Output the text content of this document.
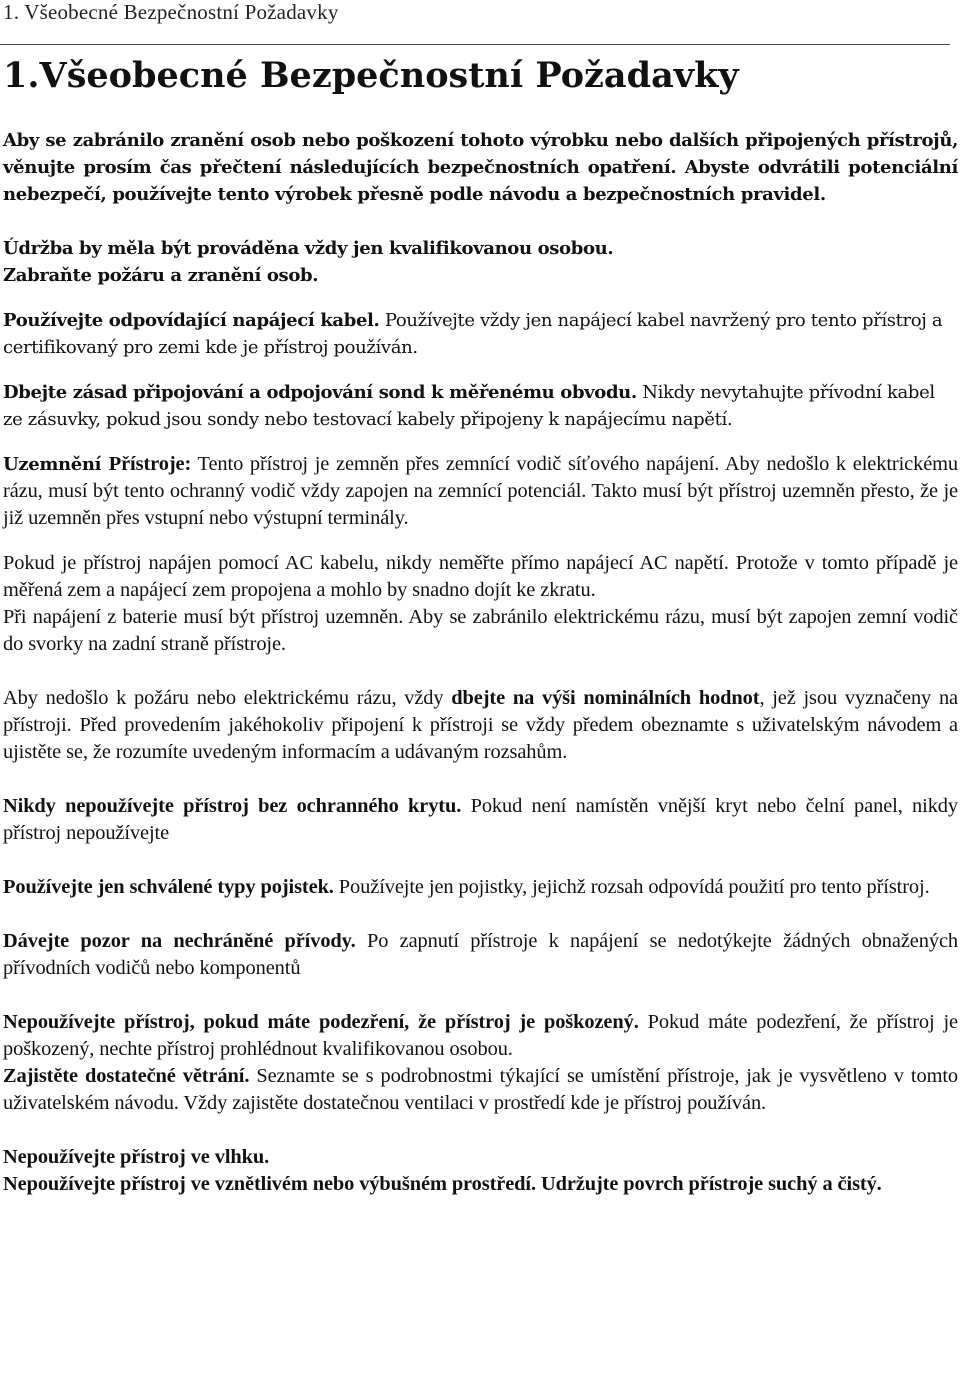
1. Všeobecné Bezpečnostní Požadavky
1.Všeobecné Bezpečnostní Požadavky

Aby se zabránilo zranění osob nebo poškození tohoto výrobku nebo dalších připojených přístrojů, věnujte prosím čas přečtení následujících bezpečnostních opatření. Abyste odvrátili potenciální nebezpečí, používejte tento výrobek přesně podle návodu a bezpečnostních pravidel.

Údržba by měla být prováděna vždy jen kvalifikovanou osobou.

Zabraňte požáru a zranění osob.

Používejte odpovídající napájecí kabel. Používejte vždy jen napájecí kabel navržený pro tento přístroj a certifikovaný pro zemi kde je přístroj používán.

Dbejte zásad připojování a odpojování sond k měřenému obvodu. Nikdy nevytahujte přívodní kabel ze zásuvky, pokud jsou sondy nebo testovací kabely připojeny k napájecímu napětí.

Uzemnění Přístroje: Tento přístroj je zemněn přes zemnící vodič síťového napájení. Aby nedošlo k elektrickému rázu, musí být tento ochranný vodič vždy zapojen na zemnící potenciál. Takto musí být přístroj uzemněn přesto, že je již uzemněn přes vstupní nebo výstupní terminály.

Pokud je přístroj napájen pomocí AC kabelu, nikdy neměřte přímo napájecí AC napětí. Protože v tomto případě je měřená zem a napájecí zem propojena a mohlo by snadno dojít ke zkratu.

Při napájení z baterie musí být přístroj uzemněn. Aby se zabránilo elektrickému rázu, musí být zapojen zemní vodič do svorky na zadní straně přístroje.

Aby nedošlo k požáru nebo elektrickému rázu, vždy dbejte na výši nominálních hodnot, jež jsou vyznačeny na přístroji. Před provedením jakéhokoliv připojení k přístroji se vždy předem obeznamte s uživatelským návodem a ujistěte se, že rozumíte uvedeným informacím a udávaným rozsahům.

Nikdy nepoužívejte přístroj bez ochranného krytu. Pokud není namístěn vnější kryt nebo čelní panel, nikdy přístroj nepoužívejte

Používejte jen schválené typy pojistek. Používejte jen pojistky, jejichž rozsah odpovídá použití pro tento přístroj.

Dávejte pozor na nechráněné přívody. Po zapnutí přístroje k napájení se nedotýkejte žádných obnažených přívodních vodičů nebo komponentů

Nepoužívejte přístroj, pokud máte podezření, že přístroj je poškozený. Pokud máte podezření, že přístroj je poškozený, nechte přístroj prohlédnout kvalifikovanou osobou.

Zajistěte dostatečné větrání. Seznamte se s podrobnostmi týkající se umístění přístroje, jak je vysvětleno v tomto uživatelském návodu. Vždy zajistěte dostatečnou ventilaci v prostředí kde je přístroj používán.

Nepoužívejte přístroj ve vlhku.

Nepoužívejte přístroj ve vznětlivém nebo výbušném prostředí. Udržujte povrch přístroje suchý a čistý.
